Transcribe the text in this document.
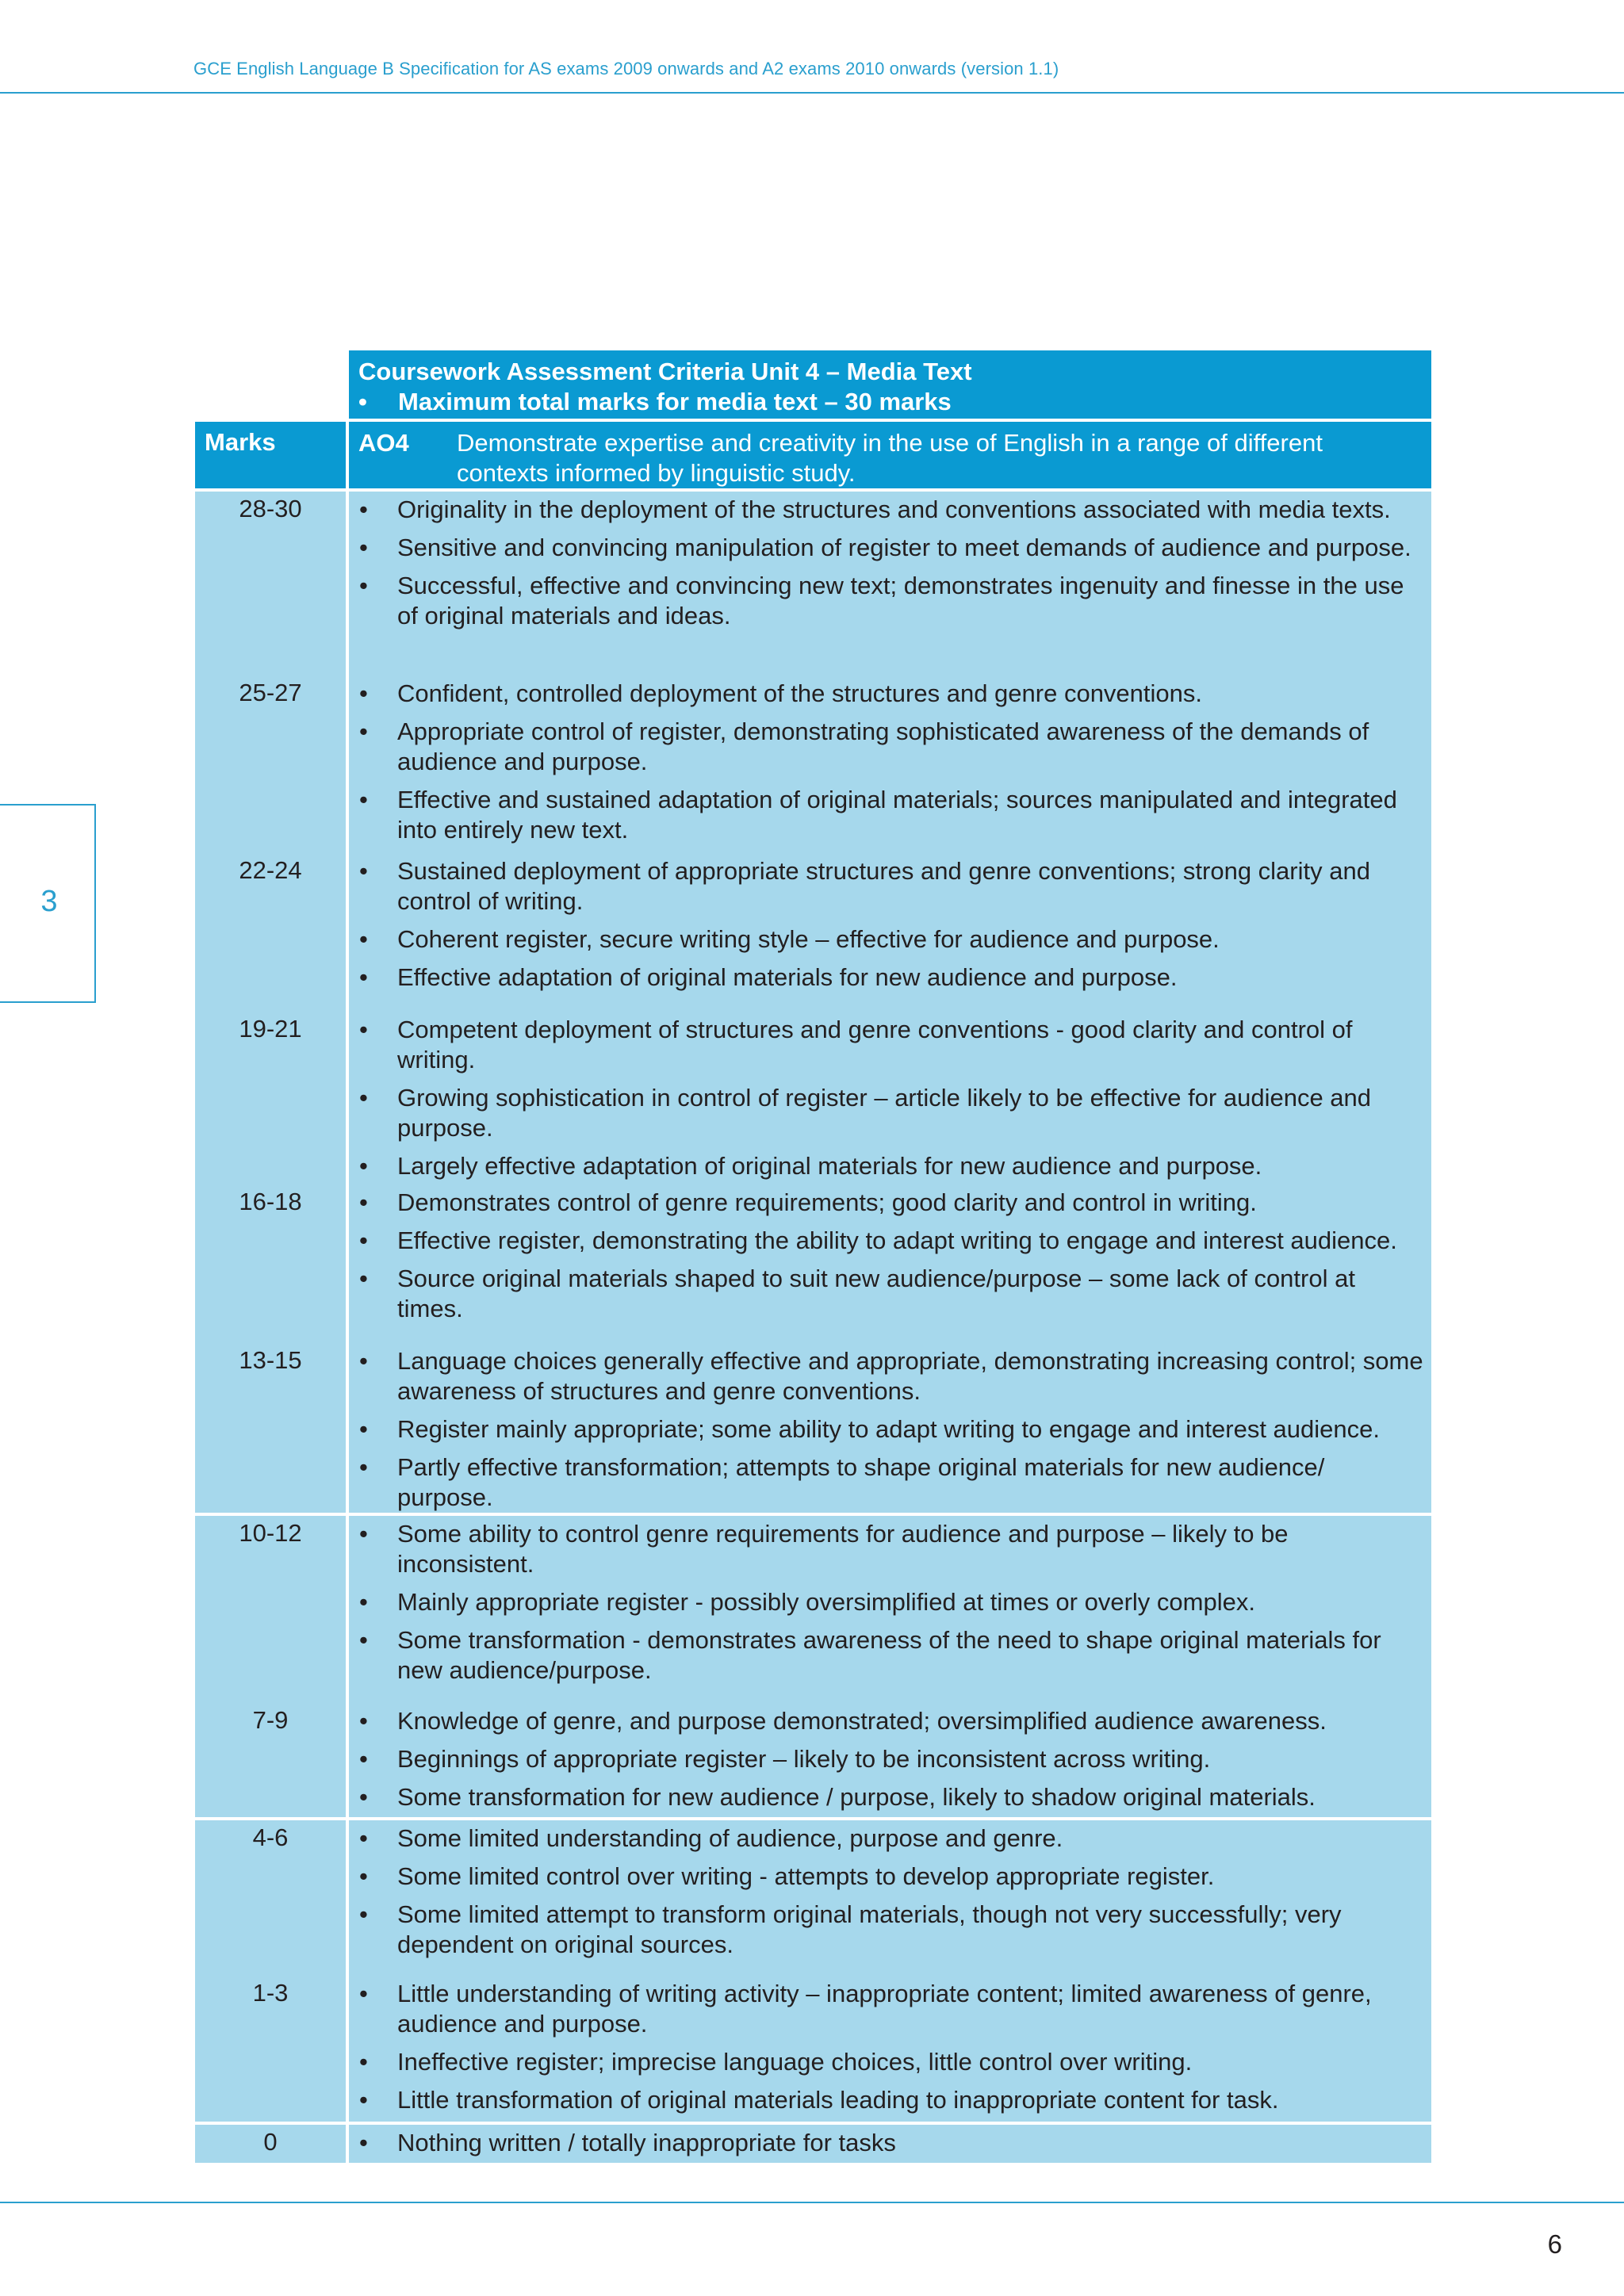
GCE English Language B Specification for AS exams 2009 onwards and A2 exams 2010 onwards (version 1.1)
3
Coursework Assessment Criteria Unit 4 – Media Text
• Maximum total marks for media text – 30 marks
Marks	AO4 Demonstrate expertise and creativity in the use of English in a range of different contexts informed by linguistic study.
28-30
25-27
• Originality in the deployment of the structures and conventions associated with media texts.
• Sensitive and convincing manipulation of register to meet demands of audience and purpose.
• Successful, effective and convincing new text; demonstrates ingenuity and finesse in the use of original materials and ideas.
• Confident, controlled deployment of the structures and genre conventions.
• Appropriate control of register, demonstrating sophisticated awareness of the demands of audience and purpose.
• Effective and sustained adaptation of original materials; sources manipulated and integrated into entirely new text.
22-24
19-21
• Sustained deployment of appropriate structures and genre conventions; strong clarity and control of writing.
• Coherent register, secure writing style – effective for audience and purpose.
• Effective adaptation of original materials for new audience and purpose.
• Competent deployment of structures and genre conventions - good clarity and control of writing.
• Growing sophistication in control of register – article likely to be effective for audience and purpose.
• Largely effective adaptation of original materials for new audience and purpose.
16-18
13-15
• Demonstrates control of genre requirements; good clarity and control in writing.
• Effective register, demonstrating the ability to adapt writing to engage and interest audience.
• Source original materials shaped to suit new audience/purpose – some lack of control at times.
• Language choices generally effective and appropriate, demonstrating increasing control; some awareness of structures and genre conventions.
• Register mainly appropriate; some ability to adapt writing to engage and interest audience.
• Partly effective transformation; attempts to shape original materials for new audience/ purpose.
10-12
7-9
• Some ability to control genre requirements for audience and purpose – likely to be inconsistent.
• Mainly appropriate register - possibly oversimplified at times or overly complex.
• Some transformation - demonstrates awareness of the need to shape original materials for new audience/purpose.
• Knowledge of genre, and purpose demonstrated; oversimplified audience awareness.
• Beginnings of appropriate register – likely to be inconsistent across writing.
• Some transformation for new audience / purpose, likely to shadow original materials.
4-6
1-3
• Some limited understanding of audience, purpose and genre.
• Some limited control over writing - attempts to develop appropriate register.
• Some limited attempt to transform original materials, though not very successfully; very dependent on original sources.
• Little understanding of writing activity – inappropriate content; limited awareness of genre, audience and purpose.
• Ineffective register; imprecise language choices, little control over writing.
• Little transformation of original materials leading to inappropriate content for task.
0
•	Nothing written / totally inappropriate for tasks
6
